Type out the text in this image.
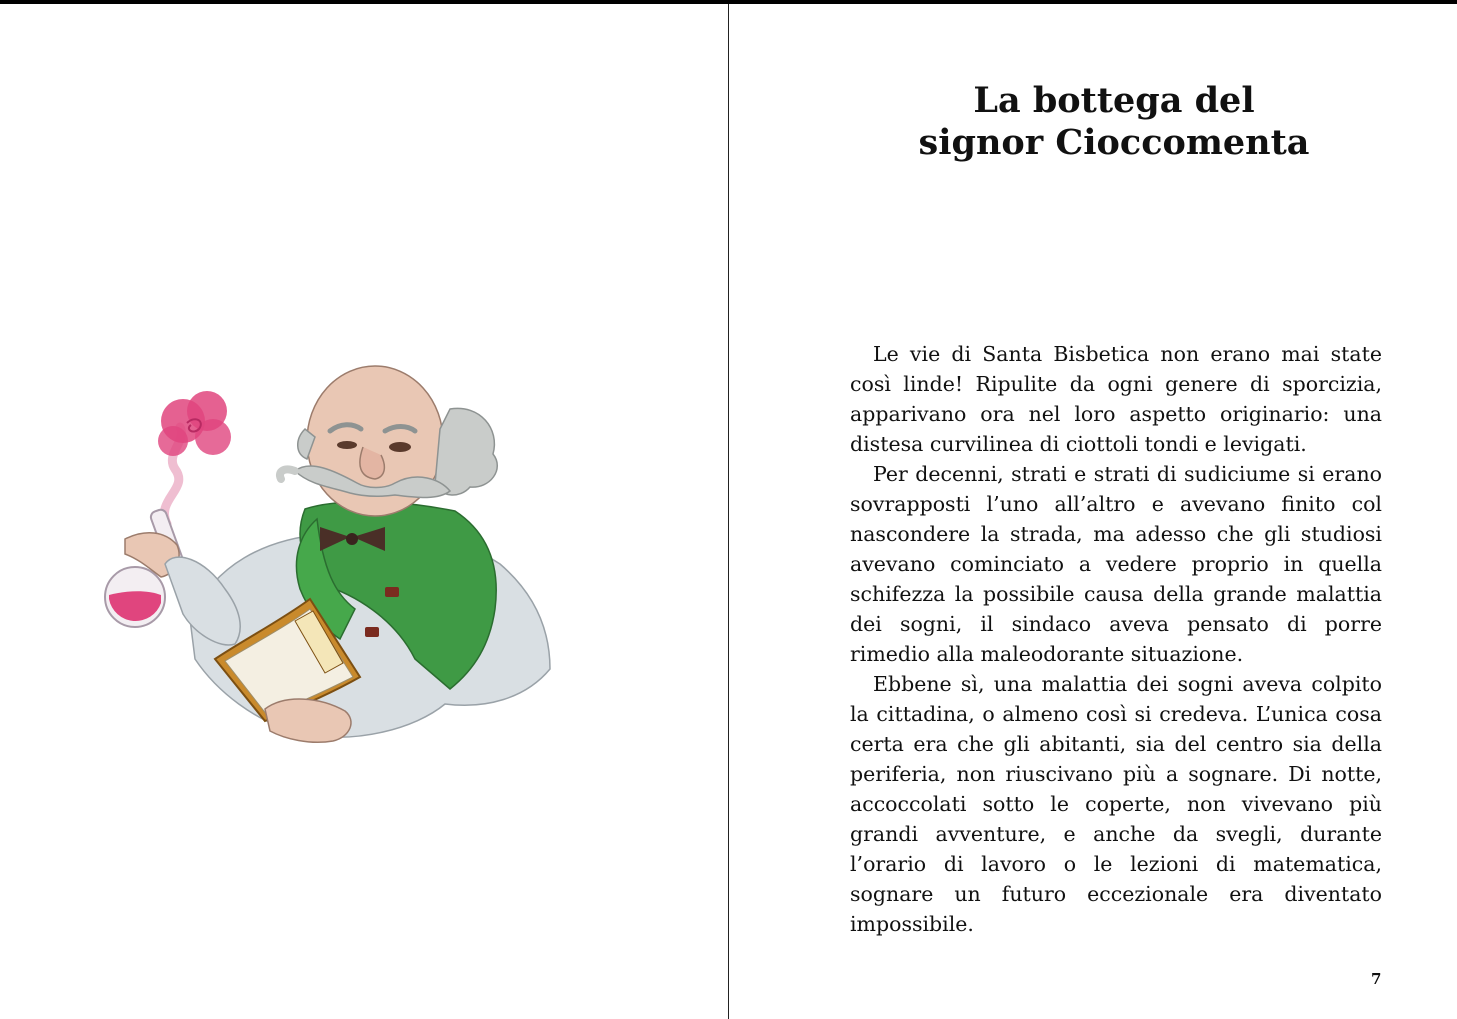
La bottega del
signor Cioccomenta

Le vie di Santa Bisbetica non erano mai state così linde! Ripulite da ogni genere di sporcizia, apparivano ora nel loro aspetto originario: una distesa curvilinea di ciottoli tondi e levigati.

Per decenni, strati e strati di sudiciume si erano sovrapposti l’uno all’altro e avevano finito col nascondere la strada, ma adesso che gli studiosi avevano cominciato a vedere proprio in quella schifezza la possibile causa della grande malattia dei sogni, il sindaco aveva pensato di porre rimedio alla maleodorante situazione.

Ebbene sì, una malattia dei sogni aveva colpito la cittadina, o almeno così si credeva. L’unica cosa certa era che gli abitanti, sia del centro sia della periferia, non riuscivano più a sognare. Di notte, accoccolati sotto le coperte, non vivevano più grandi avventure, e anche da svegli, durante l’orario di lavoro o le lezioni di matematica, sognare un futuro eccezionale era diventato impossibile.

7
